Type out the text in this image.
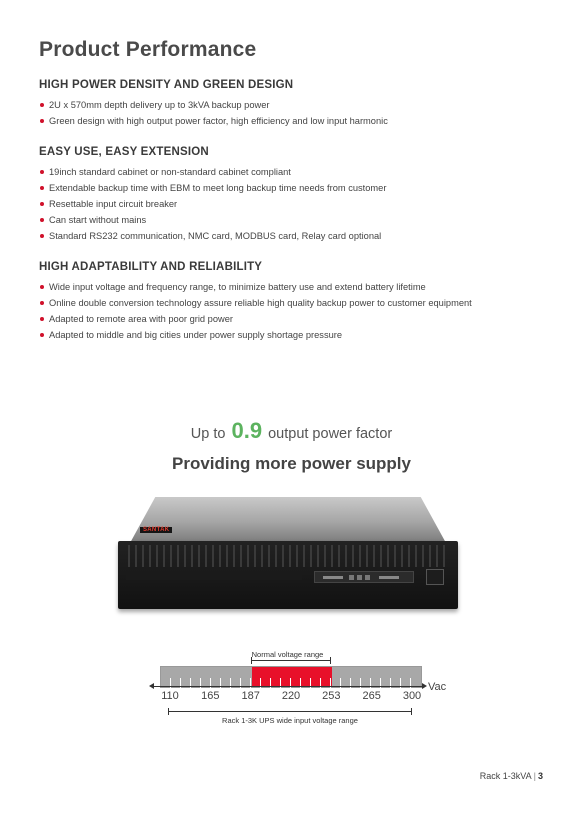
Product Performance
HIGH POWER DENSITY AND GREEN DESIGN
2U x 570mm depth delivery up to 3kVA backup power
Green design with high output power factor, high efficiency and low input harmonic
EASY USE, EASY EXTENSION
19inch standard cabinet or non-standard cabinet compliant
Extendable backup time with EBM to meet long backup time needs from customer
Resettable input circuit breaker
Can start without mains
Standard RS232 communication, NMC card, MODBUS card, Relay card optional
HIGH ADAPTABILITY AND RELIABILITY
Wide input voltage and frequency range, to minimize battery use and extend battery lifetime
Online double conversion technology assure reliable high quality backup power to customer equipment
Adapted to remote area with poor grid power
Adapted to middle and big cities under power supply shortage pressure
Up to 0.9 output power factor
Providing more power supply
SANTAK
Normal voltage range
Vac
110 165 187 220 253 265 300
Rack 1-3K UPS wide input voltage range
Rack 1-3kVA | 3
